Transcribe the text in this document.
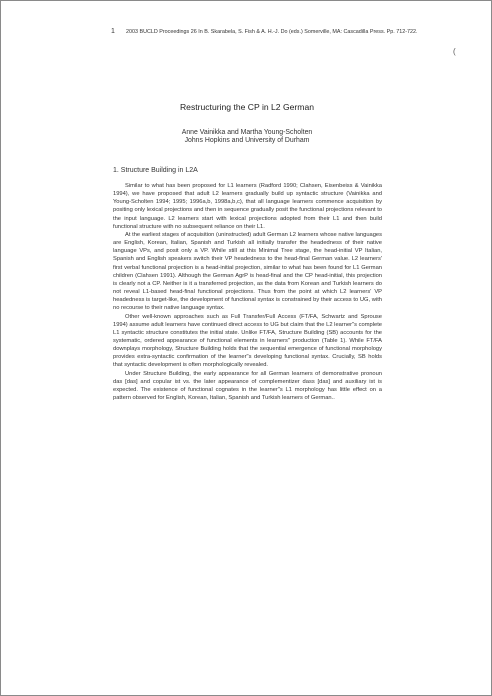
1 2003 BUCLD Proceedings 26 In B. Skarabela, S. Fish & A. H.-J. Do (eds.) Somerville, MA: Cascadilla Press. Pp. 712-722.
(
Restructuring the CP in L2 German
Anne Vainikka and Martha Young-Scholten
Johns Hopkins and University of Durham
1. Structure Building in L2A

Similar to what has been proposed for L1 learners (Radford 1990; Clahsen, Eisenbeiss & Vainikka 1994), we have proposed that adult L2 learners gradually build up syntactic structure (Vainikka and Young-Scholten 1994; 1995; 1996a,b, 1998a,b,c), that all language learners commence acquisition by positing only lexical projections and then in sequence gradually posit the functional projections relevant to the input language. L2 learners start with lexical projections adopted from their L1 and then build functional structure with no subsequent reliance on their L1.

At the earliest stages of acquisition (uninstructed) adult German L2 learners whose native languages are English, Korean, Italian, Spanish and Turkish all initially transfer the headedness of their native language VPs, and posit only a VP. While still at this Minimal Tree stage, the head-initial VP Italian, Spanish and English speakers switch their VP headedness to the head-final German value. L2 learners' first verbal functional projection is a head-initial projection, similar to what has been found for L1 German children (Clahsen 1991). Although the German AgrP is head-final and the CP head-initial, this projection is clearly not a CP. Neither is it a transferred projection, as the data from Korean and Turkish learners do not reveal L1-based head-final functional projections. Thus from the point at which L2 learners' VP headedness is target-like, the development of functional syntax is constrained by their access to UG, with no recourse to their native language syntax.

Other well-known approaches such as Full Transfer/Full Access (FT/FA, Schwartz and Sprouse 1994) assume adult learners have continued direct access to UG but claim that the L2 learner"s complete L1 syntactic structure constitutes the initial state. Unlike FT/FA, Structure Building (SB) accounts for the systematic, ordered appearance of functional elements in learners" production (Table 1). While FT/FA downplays morphology, Structure Building holds that the sequential emergence of functional morphology provides extra-syntactic confirmation of the learner"s developing functional syntax. Crucially, SB holds that syntactic development is often morphologically revealed.

Under Structure Building, the early appearance for all German learners of demonstrative pronoun das [das] and copular ist vs. the later appearance of complementizer dass [das] and auxiliary ist is expected. The existence of functional cognates in the learner"s L1 morphology has little effect on a pattern observed for English, Korean, Italian, Spanish and Turkish learners of German..
